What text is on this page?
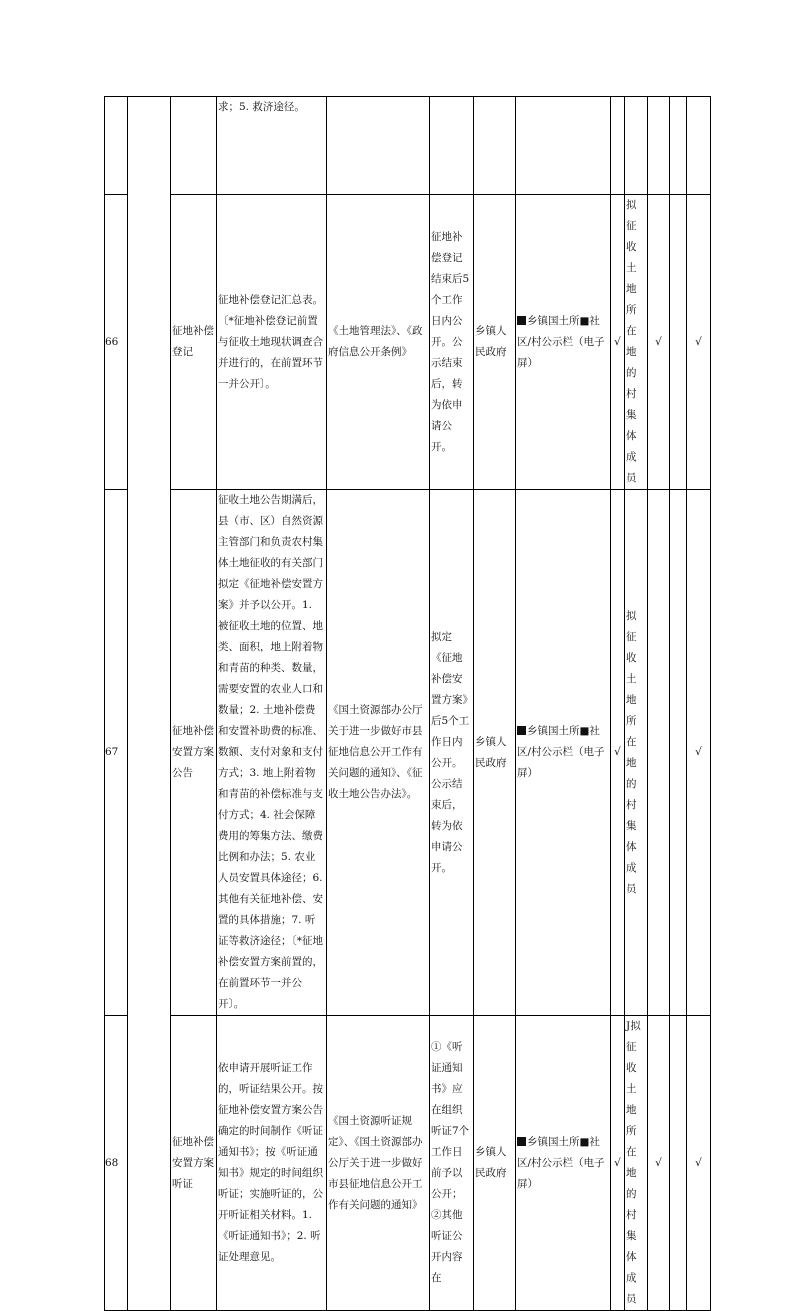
			求；5. 救济途径。									
66		征地补偿登记	征地补偿登记汇总表。〔*征地补偿登记前置与征收土地现状调查合并进行的，在前置环节一并公开〕。	《土地管理法》、《政府信息公开条例》	征地补偿登记结束后5个工作日内公开。公示结束后，转为依申请公开。	乡镇人民政府	乡镇国土所■社区/村公示栏（电子屏）	√	拟征收土地所在地的村集体成员	√		√
67		征地补偿安置方案公告	征收土地公告期满后，县（市、区）自然资源主管部门和负责农村集体土地征收的有关部门拟定《征地补偿安置方案》并予以公开。1. 被征收土地的位置、地类、面积，地上附着物和青苗的种类、数量，需要安置的农业人口和数量；2. 土地补偿费和安置补助费的标准、数额、支付对象和支付方式；3. 地上附着物和青苗的补偿标准与支付方式；4. 社会保障费用的筹集方法、缴费比例和办法；5. 农业人员安置具体途径；6. 其他有关征地补偿、安置的具体措施；7. 听证等救济途径；〔*征地补偿安置方案前置的，在前置环节一并公开〕。	《国土资源部办公厅关于进一步做好市县征地信息公开工作有关问题的通知》、《征收土地公告办法》。	拟定《征地补偿安置方案》后5个工作日内公开。公示结束后，转为依申请公开。	乡镇人民政府	乡镇国土所■社区/村公示栏（电子屏）	√	拟征收土地所在地的村集体成员			√
68		征地补偿安置方案听证	依申请开展听证工作的，听证结果公开。按征地补偿安置方案公告确定的时间制作《听证通知书》；按《听证通知书》规定的时间组织听证；实施听证的，公开听证相关材料。1.《听证通知书》；2. 听证处理意见。	《国土资源听证规定》、《国土资源部办公厅关于进一步做好市县征地信息公开工作有关问题的通知》	①《听证通知书》应在组织听证7个工作日前予以公开；②其他听证公开内容在	乡镇人民政府	乡镇国土所■社区/村公示栏（电子屏）	√	J拟征收土地所在地的村集体成员	√		√
